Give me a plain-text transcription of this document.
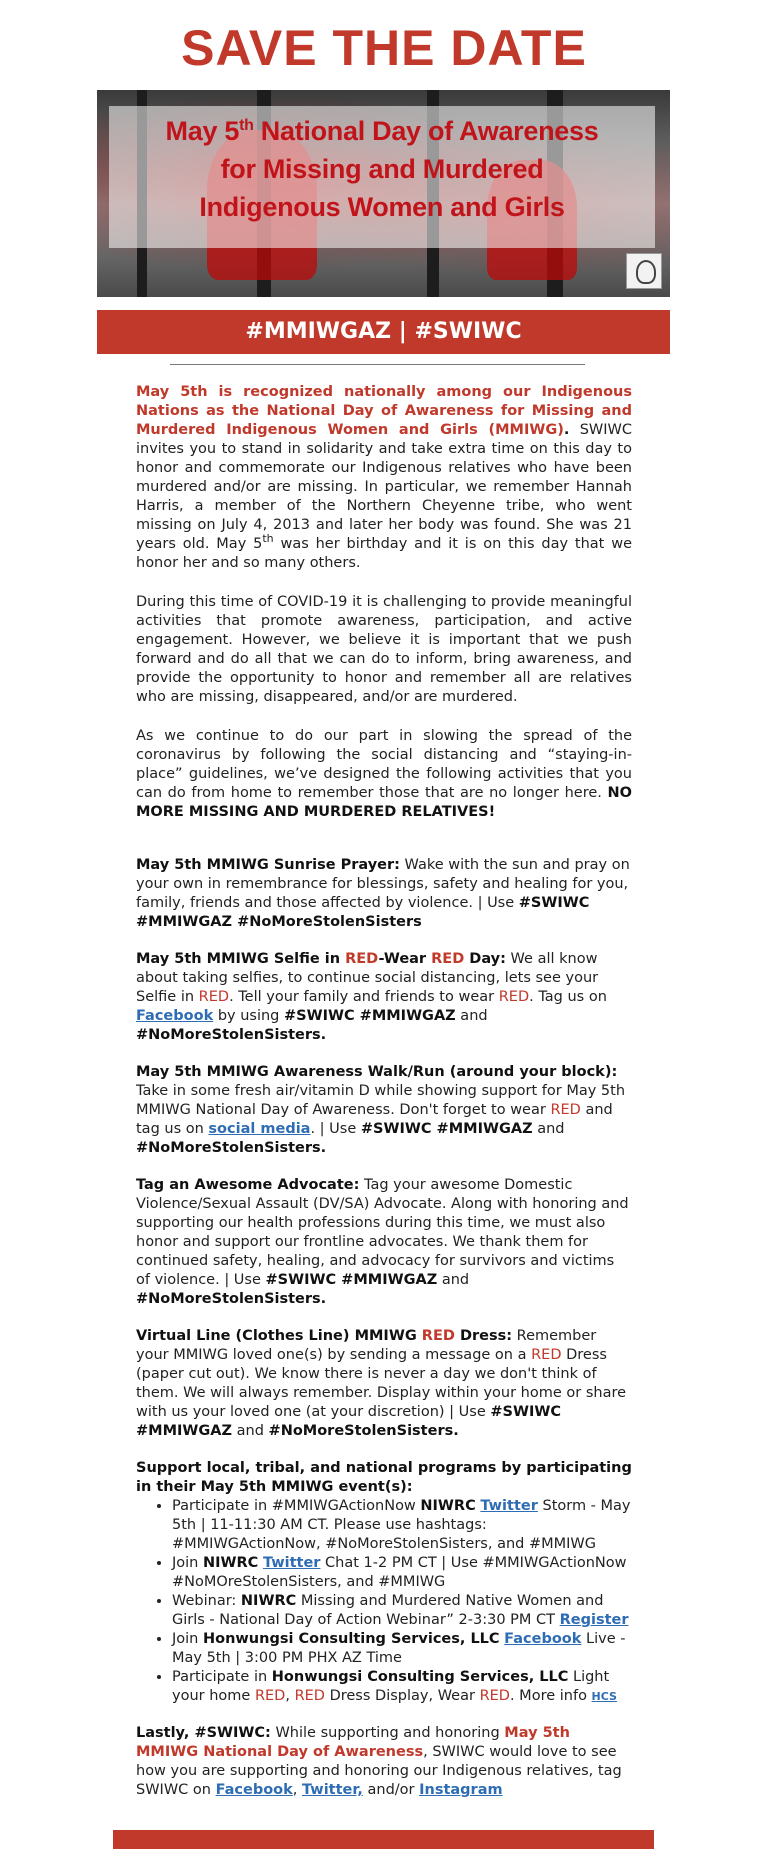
SAVE THE DATE
May 5th National Day of Awareness
for Missing and Murdered
Indigenous Women and Girls
#MMIWGAZ | #SWIWC

May 5th is recognized nationally among our Indigenous Nations as the National Day of Awareness for Missing and Murdered Indigenous Women and Girls (MMIWG). SWIWC invites you to stand in solidarity and take extra time on this day to honor and commemorate our Indigenous relatives who have been murdered and/or are missing. In particular, we remember Hannah Harris, a member of the Northern Cheyenne tribe, who went missing on July 4, 2013 and later her body was found. She was 21 years old. May 5th was her birthday and it is on this day that we honor her and so many others.

During this time of COVID-19 it is challenging to provide meaningful activities that promote awareness, participation, and active engagement. However, we believe it is important that we push forward and do all that we can do to inform, bring awareness, and provide the opportunity to honor and remember all are relatives who are missing, disappeared, and/or are murdered.

As we continue to do our part in slowing the spread of the coronavirus by following the social distancing and “staying-in-place” guidelines, we’ve designed the following activities that you can do from home to remember those that are no longer here. NO MORE MISSING AND MURDERED RELATIVES!

May 5th MMIWG Sunrise Prayer: Wake with the sun and pray on your own in remembrance for blessings, safety and healing for you, family, friends and those affected by violence. | Use #SWIWC #MMIWGAZ #NoMoreStolenSisters
May 5th MMIWG Selfie in RED-Wear RED Day: We all know about taking selfies, to continue social distancing, lets see your Selfie in RED. Tell your family and friends to wear RED. Tag us on Facebook by using #SWIWC #MMIWGAZ and #NoMoreStolenSisters.
May 5th MMIWG Awareness Walk/Run (around your block): Take in some fresh air/vitamin D while showing support for May 5th MMIWG National Day of Awareness. Don't forget to wear RED and tag us on social media. | Use #SWIWC #MMIWGAZ and #NoMoreStolenSisters.
Tag an Awesome Advocate: Tag your awesome Domestic Violence/Sexual Assault (DV/SA) Advocate. Along with honoring and supporting our health professions during this time, we must also honor and support our frontline advocates. We thank them for continued safety, healing, and advocacy for survivors and victims of violence. | Use #SWIWC #MMIWGAZ and #NoMoreStolenSisters.
Virtual Line (Clothes Line) MMIWG RED Dress: Remember your MMIWG loved one(s) by sending a message on a RED Dress (paper cut out). We know there is never a day we don't think of them. We will always remember. Display within your home or share with us your loved one (at your discretion) | Use #SWIWC #MMIWGAZ and #NoMoreStolenSisters.
Support local, tribal, and national programs by participating in their May 5th MMIWG event(s):
• Participate in #MMIWGActionNow NIWRC Twitter Storm - May 5th | 11-11:30 AM CT. Please use hashtags: #MMIWGActionNow, #NoMoreStolenSisters, and #MMIWG
• Join NIWRC Twitter Chat 1-2 PM CT | Use #MMIWGActionNow #NoMOreStolenSisters, and #MMIWG
• Webinar: NIWRC Missing and Murdered Native Women and Girls - National Day of Action Webinar” 2-3:30 PM CT Register
• Join Honwungsi Consulting Services, LLC Facebook Live - May 5th | 3:00 PM PHX AZ Time
• Participate in Honwungsi Consulting Services, LLC Light your home RED, RED Dress Display, Wear RED. More info HCS
Lastly, #SWIWC: While supporting and honoring May 5th MMIWG National Day of Awareness, SWIWC would love to see how you are supporting and honoring our Indigenous relatives, tag SWIWC on Facebook, Twitter, and/or Instagram
